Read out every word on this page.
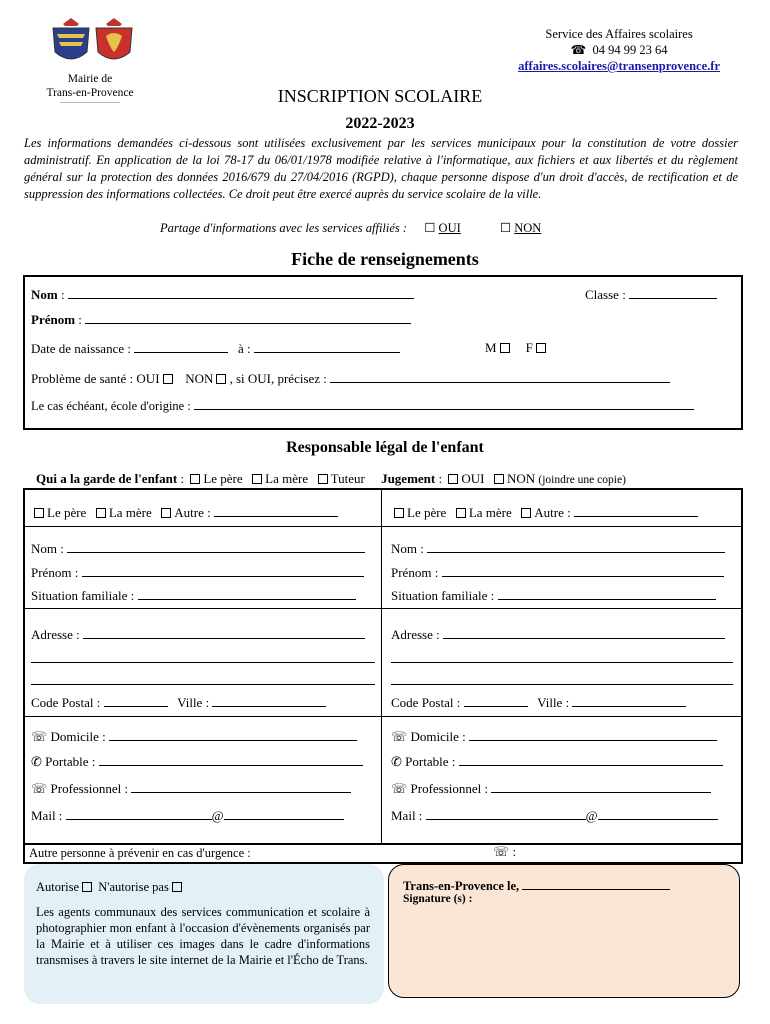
Mairie de
Trans-en-Provence
Service des Affaires scolaires
☎ 04 94 99 23 64
affaires.scolaires@transenprovence.fr
INSCRIPTION SCOLAIRE
2022-2023
Les informations demandées ci-dessous sont utilisées exclusivement par les services municipaux pour la constitution de votre dossier administratif. En application de la loi 78-17 du 06/01/1978 modifiée relative à l'informatique, aux fichiers et aux libertés et du règlement général sur la protection des données 2016/679 du 27/04/2016 (RGPD), chaque personne dispose d'un droit d'accès, de rectification et de suppression des informations collectées. Ce droit peut être exercé auprès du service scolaire de la ville.
Partage d'informations avec les services affiliés : ☐ OUI	☐ NON
Fiche de renseignements
Nom :	Classe :
Prénom :
Date de naissance :	à :	M F
Problème de santé : OUI NON , si OUI, précisez :
Le cas échéant, école d'origine :
Responsable légal de l'enfant
Qui a la garde de l'enfant : Le père La mère Tuteur Jugement : OUI NON (joindre une copie)
Le père La mère Autre :
Nom :
Prénom :
Situation familiale :
Adresse :
Code Postal :	Ville :
☏ Domicile :
✆ Portable :
☏ Professionnel :
Mail :	@
Le père La mère Autre :
Nom :
Prénom :
Situation familiale :
Adresse :
Code Postal :	Ville :
☏ Domicile :
✆ Portable :
☏ Professionnel :
Mail :	@
Autre personne à prévenir en cas d'urgence :	☏ :
Autorise N'autorise pas
Les agents communaux des services communication et scolaire à photographier mon enfant à l'occasion d'évènements organisés par la Mairie et à utiliser ces images dans le cadre d'informations transmises à travers le site internet de la Mairie et l'Écho de Trans.
Trans-en-Provence le,
Signature (s) :
